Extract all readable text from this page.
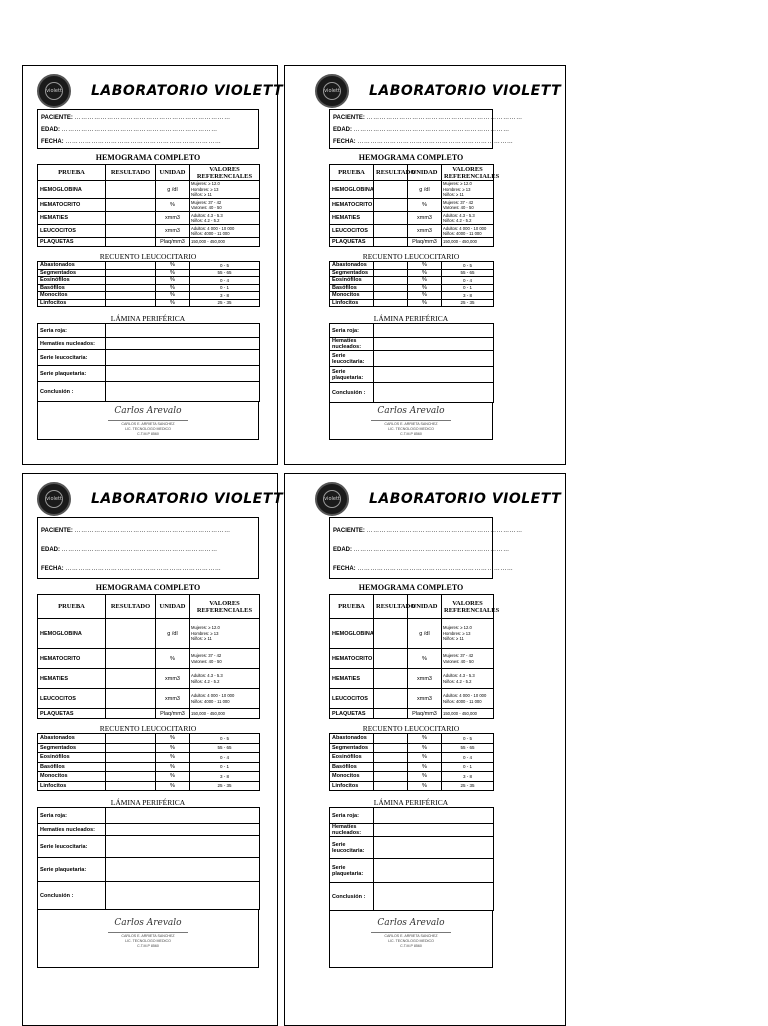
violett	LABORATORIO VIOLETT
PACIENTE: ………………………………………………………………
EDAD: ………………………………………………………………
FECHA: ………………………………………………………………
HEMOGRAMA COMPLETO
PRUEBA	RESULTADO	UNIDAD	VALORES REFERENCIALES
HEMOGLOBINA		g /dl	Mujeres: ≥ 12.0
Hombres: ≥ 13
Niños: ≥ 11

HEMATOCRITO		%	Mujeres: 37 - 42
Varones: 40 - 50

HEMATIES		xmm3	Adultos: 4.3 - 5.3
Niños: 4.2 - 5.2

LEUCOCITOS		xmm3	Adultos: 4 000 - 10 000
Niños: 4000 - 11 000

PLAQUETAS		Plaq/mm3	150,000 - 450,000
RECUENTO LEUCOCITARIO
Abastonados		%	0 - 5
Segmentados		%	55 - 65
Eosinófilos		%	0 - 4
Basófilos		%	0 - 1
Monocitos		%	3 - 8
Linfocitos		%	25 - 35
LÁMINA PERIFÉRICA
Seria roja:	
Hematíes nucleados:	
Serie leucocitaria:	
Serie plaquetaria:	
Conclusión :	
Carlos Arevalo
CARLOS E. ARRIETA SANCHEZ
LIC. TECNOLOGO MEDICO
C.T.M.P 8560
violett	LABORATORIO VIOLETT
PACIENTE: ………………………………………………………………
EDAD: ………………………………………………………………
FECHA: ………………………………………………………………
HEMOGRAMA COMPLETO
PRUEBA	RESULTADO	UNIDAD	VALORES REFERENCIALES
HEMOGLOBINA		g /dl	Mujeres: ≥ 12.0
Hombres: ≥ 13
Niños: ≥ 11

HEMATOCRITO		%	Mujeres: 37 - 42
Varones: 40 - 50

HEMATIES		xmm3	Adultos: 4.3 - 5.3
Niños: 4.2 - 5.2

LEUCOCITOS		xmm3	Adultos: 4 000 - 10 000
Niños: 4000 - 11 000

PLAQUETAS		Plaq/mm3	150,000 - 450,000
RECUENTO LEUCOCITARIO
Abastonados		%	0 - 5
Segmentados		%	55 - 65
Eosinófilos		%	0 - 4
Basófilos		%	0 - 1
Monocitos		%	3 - 8
Linfocitos		%	25 - 35
LÁMINA PERIFÉRICA
Seria roja:	
Hematíes nucleados:	
Serie leucocitaria:	
Serie plaquetaria:	
Conclusión :	
Carlos Arevalo
CARLOS E. ARRIETA SANCHEZ
LIC. TECNOLOGO MEDICO
C.T.M.P 8560
violett	LABORATORIO VIOLETT
PACIENTE: ………………………………………………………………
EDAD: ………………………………………………………………
FECHA: ………………………………………………………………
HEMOGRAMA COMPLETO
PRUEBA	RESULTADO	UNIDAD	VALORES REFERENCIALES
HEMOGLOBINA		g /dl	Mujeres: ≥ 12.0
Hombres: ≥ 13
Niños: ≥ 11

HEMATOCRITO		%	Mujeres: 37 - 42
Varones: 40 - 50

HEMATIES		xmm3	Adultos: 4.3 - 5.3
Niños: 4.2 - 5.2

LEUCOCITOS		xmm3	Adultos: 4 000 - 10 000
Niños: 4000 - 11 000

PLAQUETAS		Plaq/mm3	150,000 - 450,000
RECUENTO LEUCOCITARIO
Abastonados		%	0 - 5
Segmentados		%	55 - 65
Eosinófilos		%	0 - 4
Basófilos		%	0 - 1
Monocitos		%	3 - 8
Linfocitos		%	25 - 35
LÁMINA PERIFÉRICA
Seria roja:	
Hematíes nucleados:	
Serie leucocitaria:	
Serie plaquetaria:	
Conclusión :	
Carlos Arevalo
CARLOS E. ARRIETA SANCHEZ
LIC. TECNOLOGO MEDICO
C.T.M.P 8560
violett	LABORATORIO VIOLETT
PACIENTE: ………………………………………………………………
EDAD: ………………………………………………………………
FECHA: ………………………………………………………………
HEMOGRAMA COMPLETO
PRUEBA	RESULTADO	UNIDAD	VALORES REFERENCIALES
HEMOGLOBINA		g /dl	Mujeres: ≥ 12.0
Hombres: ≥ 13
Niños: ≥ 11

HEMATOCRITO		%	Mujeres: 37 - 42
Varones: 40 - 50

HEMATIES		xmm3	Adultos: 4.3 - 5.3
Niños: 4.2 - 5.2

LEUCOCITOS		xmm3	Adultos: 4 000 - 10 000
Niños: 4000 - 11 000

PLAQUETAS		Plaq/mm3	150,000 - 450,000
RECUENTO LEUCOCITARIO
Abastonados		%	0 - 5
Segmentados		%	55 - 65
Eosinófilos		%	0 - 4
Basófilos		%	0 - 1
Monocitos		%	3 - 8
Linfocitos		%	25 - 35
LÁMINA PERIFÉRICA
Seria roja:	
Hematíes nucleados:	
Serie leucocitaria:	
Serie plaquetaria:	
Conclusión :	
Carlos Arevalo
CARLOS E. ARRIETA SANCHEZ
LIC. TECNOLOGO MEDICO
C.T.M.P 8560
